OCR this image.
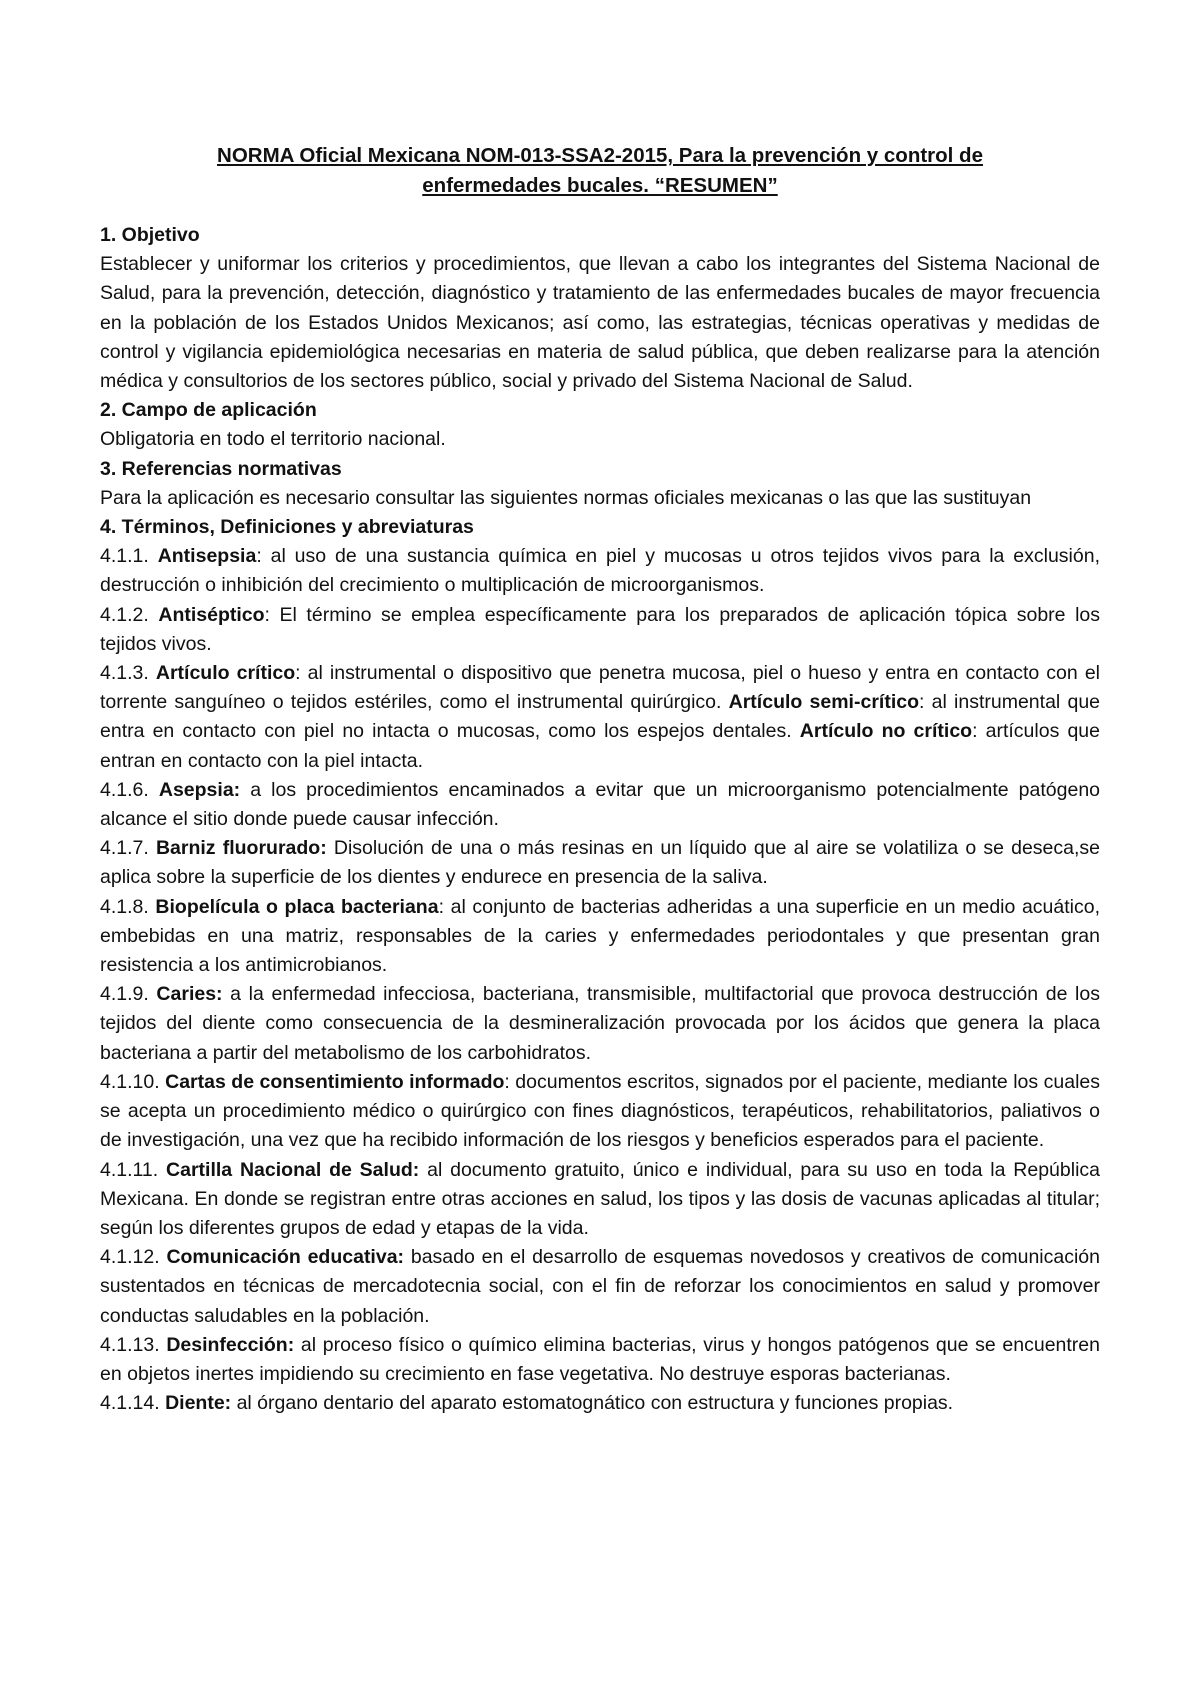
NORMA Oficial Mexicana NOM-013-SSA2-2015, Para la prevención y control de
enfermedades bucales. “RESUMEN”

1. Objetivo

Establecer y uniformar los criterios y procedimientos, que llevan a cabo los integrantes del Sistema Nacional de Salud, para la prevención, detección, diagnóstico y tratamiento de las enfermedades bucales de mayor frecuencia en la población de los Estados Unidos Mexicanos; así como, las estrategias, técnicas operativas y medidas de control y vigilancia epidemiológica necesarias en materia de salud pública, que deben realizarse para la atención médica y consultorios de los sectores público, social y privado del Sistema Nacional de Salud.

2. Campo de aplicación

Obligatoria en todo el territorio nacional.

3. Referencias normativas

Para la aplicación es necesario consultar las siguientes normas oficiales mexicanas o las que las sustituyan

4. Términos, Definiciones y abreviaturas

4.1.1. Antisepsia: al uso de una sustancia química en piel y mucosas u otros tejidos vivos para la exclusión, destrucción o inhibición del crecimiento o multiplicación de microorganismos.

4.1.2. Antiséptico: El término se emplea específicamente para los preparados de aplicación tópica sobre los tejidos vivos.

4.1.3. Artículo crítico: al instrumental o dispositivo que penetra mucosa, piel o hueso y entra en contacto con el torrente sanguíneo o tejidos estériles, como el instrumental quirúrgico. Artículo semi-crítico: al instrumental que entra en contacto con piel no intacta o mucosas, como los espejos dentales. Artículo no crítico: artículos que entran en contacto con la piel intacta.

4.1.6. Asepsia: a los procedimientos encaminados a evitar que un microorganismo potencialmente patógeno alcance el sitio donde puede causar infección.

4.1.7. Barniz fluorurado: Disolución de una o más resinas en un líquido que al aire se volatiliza o se deseca,se aplica sobre la superficie de los dientes y endurece en presencia de la saliva.

4.1.8. Biopelícula o placa bacteriana: al conjunto de bacterias adheridas a una superficie en un medio acuático, embebidas en una matriz, responsables de la caries y enfermedades periodontales y que presentan gran resistencia a los antimicrobianos.

4.1.9. Caries: a la enfermedad infecciosa, bacteriana, transmisible, multifactorial que provoca destrucción de los tejidos del diente como consecuencia de la desmineralización provocada por los ácidos que genera la placa bacteriana a partir del metabolismo de los carbohidratos.

4.1.10. Cartas de consentimiento informado: documentos escritos, signados por el paciente, mediante los cuales se acepta un procedimiento médico o quirúrgico con fines diagnósticos, terapéuticos, rehabilitatorios, paliativos o de investigación, una vez que ha recibido información de los riesgos y beneficios esperados para el paciente.

4.1.11. Cartilla Nacional de Salud: al documento gratuito, único e individual, para su uso en toda la República Mexicana. En donde se registran entre otras acciones en salud, los tipos y las dosis de vacunas aplicadas al titular; según los diferentes grupos de edad y etapas de la vida.

4.1.12. Comunicación educativa: basado en el desarrollo de esquemas novedosos y creativos de comunicación sustentados en técnicas de mercadotecnia social, con el fin de reforzar los conocimientos en salud y promover conductas saludables en la población.

4.1.13. Desinfección: al proceso físico o químico elimina bacterias, virus y hongos patógenos que se encuentren en objetos inertes impidiendo su crecimiento en fase vegetativa. No destruye esporas bacterianas.

4.1.14. Diente: al órgano dentario del aparato estomatognático con estructura y funciones propias.
